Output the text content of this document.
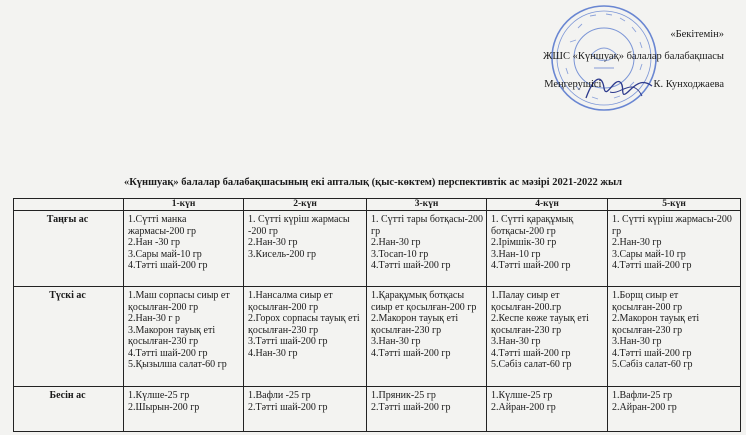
«Бекітемін»
ЖШС «Күншуақ» балалар балабақшасы
Меңгерушісі	К. Кунходжаева
«Күншуақ» балалар балабақшасының екі апталық (қыс-көктем) перспективтік ас мәзірі 2021-2022 жыл
	1-күн	2-күн	3-күн	4-күн	5-күн
Таңғы ас	1.Сүтті манка жармасы-200 гр
2.Нан -30 гр
3.Сары май-10 гр
4.Тәтті шай-200 гр	1. Сүтті күріш жармасы -200 гр
2.Нан-30 гр
3.Кисель-200 гр	1. Сүтті тары ботқасы-200 гр
2.Нан-30 гр
3.Тосап-10 гр
4.Тәтті шай-200 гр	1. Сүтті қарақұмық ботқасы-200 гр
2.Ірімшік-30 гр
3.Нан-10 гр
4.Тәтті шай-200 гр	1. Сүтті күріш жармасы-200 гр
2.Нан-30 гр
3.Сары май-10 гр
4.Тәтті шай-200 гр

Түскі ас	1.Маш сорпасы сиыр ет қосылған-200 гр
2.Нан-30 г р
3.Макорон тауық еті қосылған-230 гр
4.Тәтті шай-200 гр
5.Қызылша салат-60 гр	1.Нансалма сиыр ет қосылған-200 гр
2.Горох сорпасы тауық еті қосылған-230 гр
3.Тәтті шай-200 гр
4.Нан-30 гр	1.Қарақұмық ботқасы сиыр ет қосылған-200 гр
2.Макорон тауық еті қосылған-230 гр
3.Нан-30 гр
4.Тәтті шай-200 гр	1.Палау сиыр ет қосылған-200.гр
2.Кеспе көже тауық еті қосылған-230 гр
3.Нан-30 гр
4.Тәтті шай-200 гр
5.Сәбіз салат-60 гр	1.Борщ сиыр ет қосылған-200 гр
2.Макорон тауық еті қосылған-230 гр
3.Нан-30 гр
4.Тәтті шай-200 гр
5.Сәбіз салат-60 гр

Бесін ас	1.Күлше-25 гр
2.Шырын-200 гр	1.Вафли -25 гр
2.Тәтті шай-200 гр	1.Пряник-25 гр
2.Тәтті шай-200 гр	1.Күлше-25 гр
2.Айран-200 гр	1.Вафли-25 гр
2.Айран-200 гр
